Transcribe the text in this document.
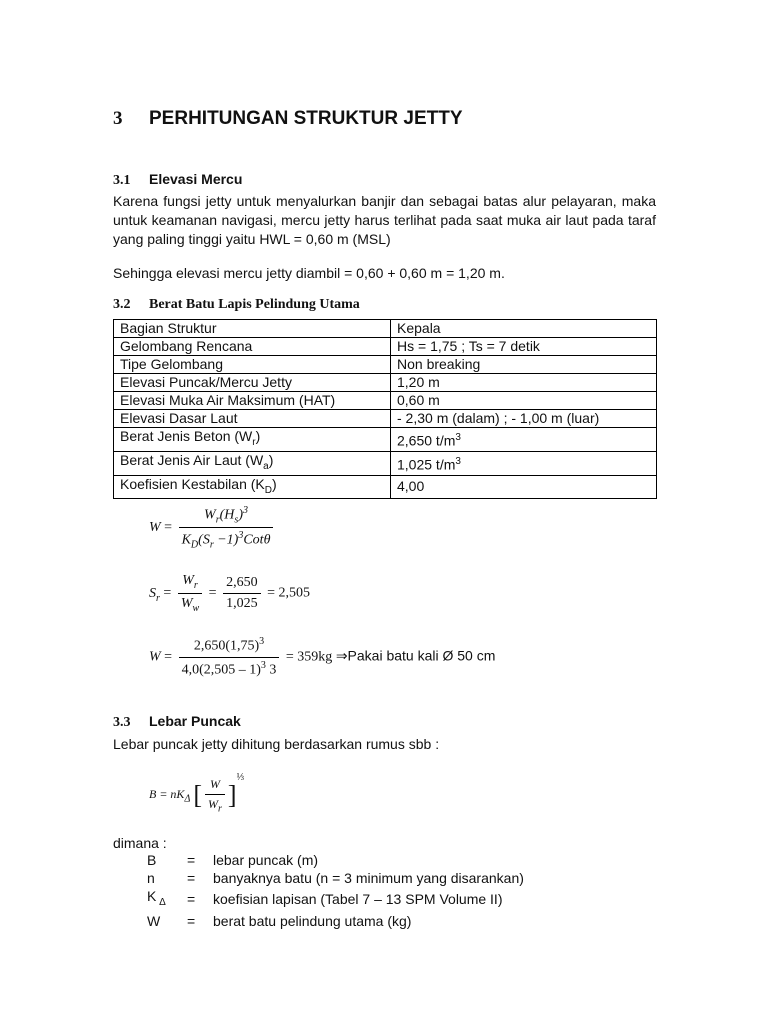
3 PERHITUNGAN STRUKTUR JETTY
3.1 Elevasi Mercu
Karena fungsi jetty untuk menyalurkan banjir dan sebagai batas alur pelayaran, maka untuk keamanan navigasi, mercu jetty harus terlihat pada saat muka air laut pada taraf yang paling tinggi yaitu HWL = 0,60 m (MSL)
Sehingga elevasi mercu jetty diambil = 0,60 + 0,60 m = 1,20 m.
3.2 Berat Batu Lapis Pelindung Utama
Bagian Struktur	Kepala
Gelombang Rencana	Hs = 1,75 ; Ts = 7 detik
Tipe Gelombang	Non breaking
Elevasi Puncak/Mercu Jetty	1,20 m
Elevasi Muka Air Maksimum (HAT)	0,60 m
Elevasi Dasar Laut	- 2,30 m (dalam) ; - 1,00 m (luar)
Berat Jenis Beton $(W_r)$	2,650 $t/m^3$
Berat Jenis Air Laut $(W_a)$	1,025 $t/m^3$
Koefisien Kestabilan $(K_D)$	4,00
$W = \frac{W_r(H_s)^3}{K_D(S_r -1)^3Cot\theta}$
$S_r = \frac{W_r}{W_w} = \frac{2,650}{1,025} = 2,505$
$W = \frac{2,650(1,75)^3}{4,0(2,505 - 1)^3 3} = 359kg$ ⇒Pakai batu kali Ø 50 cm
3.3 Lebar Puncak
Lebar puncak jetty dihitung berdasarkan rumus sbb :
$B = nK_\Delta$ [ $\frac{W}{W_r} ]^{\frac{1}{3}}$
dimana :
B	=	lebar puncak (m)
n	=	banyaknya batu (n = 3 minimum yang disarankan)
K $_\Delta$	=	koefisian lapisan (Tabel 7 – 13 SPM Volume II)
W	=	berat batu pelindung utama (kg)
